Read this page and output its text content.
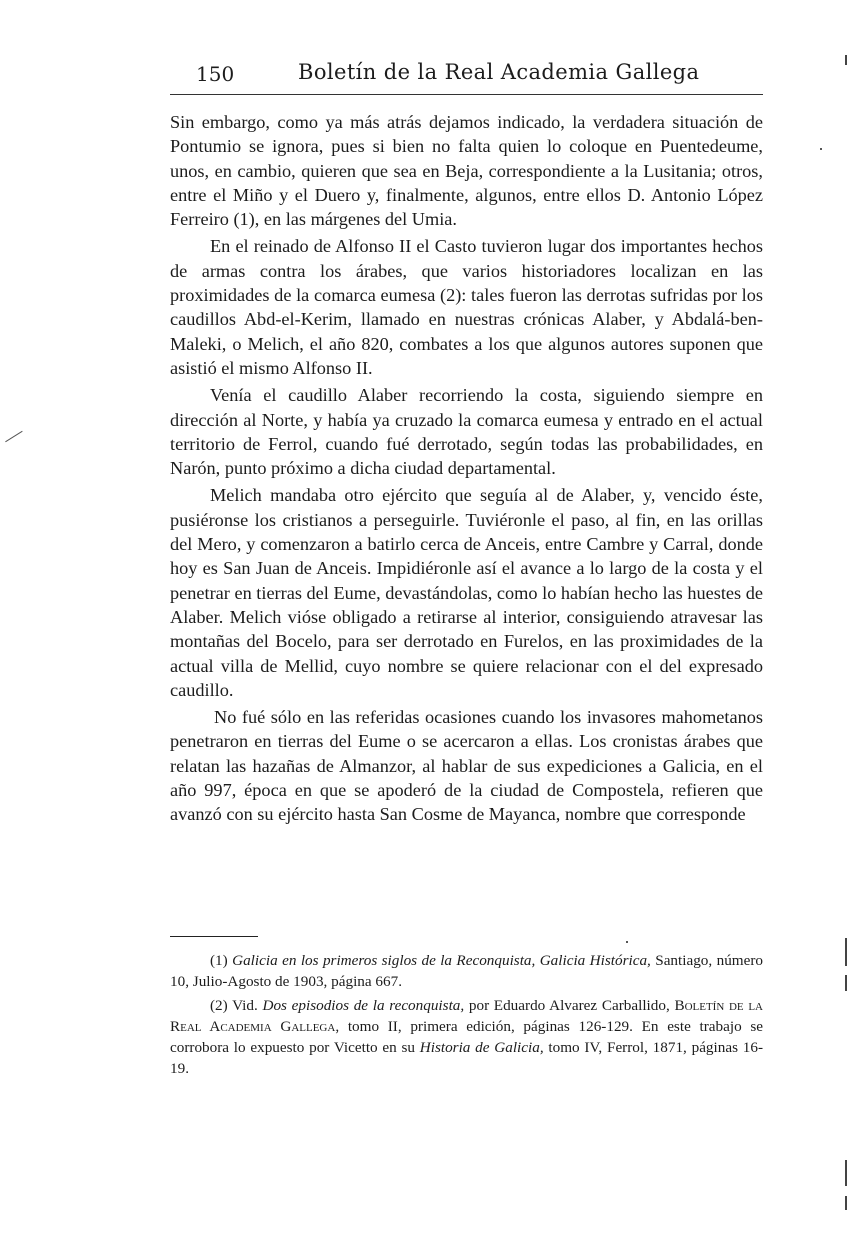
150	Boletín de la Real Academia Gallega

Sin embargo, como ya más atrás dejamos indicado, la verdadera situación de Pontumio se ignora, pues si bien no falta quien lo coloque en Puentedeume, unos, en cambio, quieren que sea en Beja, correspondiente a la Lusitania; otros, entre el Miño y el Duero y, finalmente, algunos, entre ellos D. Antonio López Ferreiro (1), en las márgenes del Umia.

En el reinado de Alfonso II el Casto tuvieron lugar dos importantes hechos de armas contra los árabes, que varios historiadores localizan en las proximidades de la comarca eumesa (2): tales fueron las derrotas sufridas por los caudillos Abd-el-Kerim, llamado en nuestras crónicas Alaber, y Abdalá-ben-Maleki, o Melich, el año 820, combates a los que algunos autores suponen que asistió el mismo Alfonso II.

Venía el caudillo Alaber recorriendo la costa, siguiendo siempre en dirección al Norte, y había ya cruzado la comarca eumesa y entrado en el actual territorio de Ferrol, cuando fué derrotado, según todas las probabilidades, en Narón, punto próximo a dicha ciudad departamental.

Melich mandaba otro ejército que seguía al de Alaber, y, vencido éste, pusiéronse los cristianos a perseguirle. Tuviéronle el paso, al fin, en las orillas del Mero, y comenzaron a batirlo cerca de Anceis, entre Cambre y Carral, donde hoy es San Juan de Anceis. Impidiéronle así el avance a lo largo de la costa y el penetrar en tierras del Eume, devastándolas, como lo habían hecho las huestes de Alaber. Melich vióse obligado a retirarse al interior, consiguiendo atravesar las montañas del Bocelo, para ser derrotado en Furelos, en las proximidades de la actual villa de Mellid, cuyo nombre se quiere relacionar con el del expresado caudillo.

No fué sólo en las referidas ocasiones cuando los invasores mahometanos penetraron en tierras del Eume o se acercaron a ellas. Los cronistas árabes que relatan las hazañas de Almanzor, al hablar de sus expediciones a Galicia, en el año 997, época en que se apoderó de la ciudad de Compostela, refieren que avanzó con su ejército hasta San Cosme de Mayanca, nombre que corresponde

(1) Galicia en los primeros siglos de la Reconquista, Galicia Histórica, Santiago, número 10, Julio-Agosto de 1903, página 667.

(2) Vid. Dos episodios de la reconquista, por Eduardo Alvarez Carballido, Boletín de la Real Academia Gallega, tomo II, primera edición, páginas 126-129. En este trabajo se corrobora lo expuesto por Vicetto en su Historia de Galicia, tomo IV, Ferrol, 1871, páginas 16-19.
